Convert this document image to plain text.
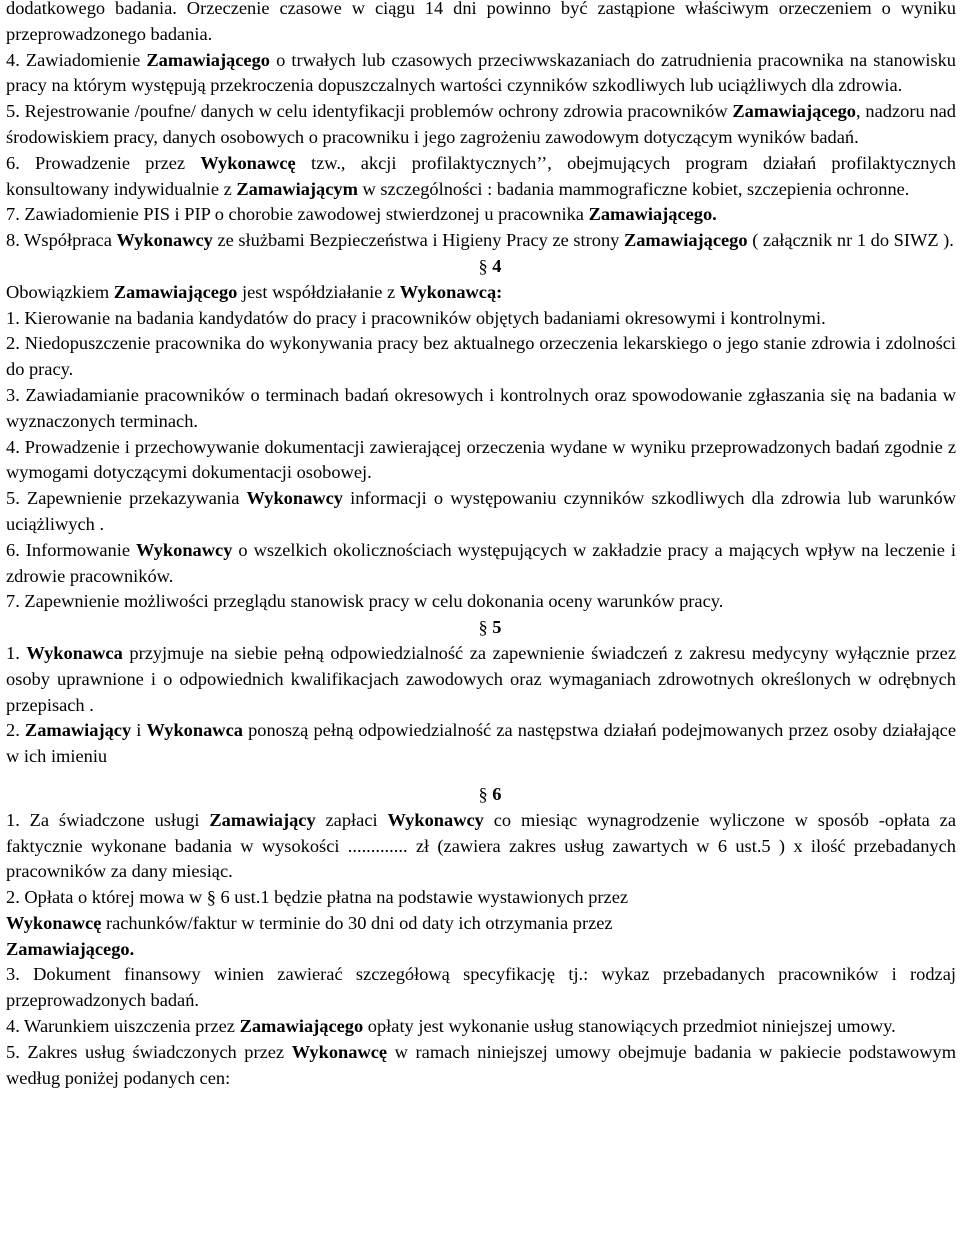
dodatkowego badania. Orzeczenie czasowe w ciągu 14 dni powinno być zastąpione właściwym orzeczeniem o wyniku przeprowadzonego badania.

4. Zawiadomienie Zamawiającego o trwałych lub czasowych przeciwwskazaniach do zatrudnienia pracownika na stanowisku pracy na którym występują przekroczenia dopuszczalnych wartości czynników szkodliwych lub uciążliwych dla zdrowia.

5. Rejestrowanie /poufne/ danych w celu identyfikacji problemów ochrony zdrowia pracowników Zamawiającego, nadzoru nad środowiskiem pracy, danych osobowych o pracowniku i jego zagrożeniu zawodowym dotyczącym wyników badań.

6. Prowadzenie przez Wykonawcę tzw., akcji profilaktycznych’’, obejmujących program działań profilaktycznych konsultowany indywidualnie z Zamawiającym w szczególności : badania mammograficzne kobiet, szczepienia ochronne.

7. Zawiadomienie PIS i PIP o chorobie zawodowej stwierdzonej u pracownika Zamawiającego.

8. Współpraca Wykonawcy ze służbami Bezpieczeństwa i Higieny Pracy ze strony Zamawiającego ( załącznik nr 1 do SIWZ ).

§ 4

Obowiązkiem Zamawiającego jest współdziałanie z Wykonawcą:

1. Kierowanie na badania kandydatów do pracy i pracowników objętych badaniami okresowymi i kontrolnymi.

2. Niedopuszczenie pracownika do wykonywania pracy bez aktualnego orzeczenia lekarskiego o jego stanie zdrowia i zdolności do pracy.

3. Zawiadamianie pracowników o terminach badań okresowych i kontrolnych oraz spowodowanie zgłaszania się na badania w wyznaczonych terminach.

4. Prowadzenie i przechowywanie dokumentacji zawierającej orzeczenia wydane w wyniku przeprowadzonych badań zgodnie z wymogami dotyczącymi dokumentacji osobowej.

5. Zapewnienie przekazywania Wykonawcy informacji o występowaniu czynników szkodliwych dla zdrowia lub warunków uciążliwych .

6. Informowanie Wykonawcy o wszelkich okolicznościach występujących w zakładzie pracy a mających wpływ na leczenie i zdrowie pracowników.

7. Zapewnienie możliwości przeglądu stanowisk pracy w celu dokonania oceny warunków pracy.

§ 5

1. Wykonawca przyjmuje na siebie pełną odpowiedzialność za zapewnienie świadczeń z zakresu medycyny wyłącznie przez osoby uprawnione i o odpowiednich kwalifikacjach zawodowych oraz wymaganiach zdrowotnych określonych w odrębnych przepisach .

2. Zamawiający i Wykonawca ponoszą pełną odpowiedzialność za następstwa działań podejmowanych przez osoby działające w ich imieniu

§ 6

1. Za świadczone usługi Zamawiający zapłaci Wykonawcy co miesiąc wynagrodzenie wyliczone w sposób -opłata za faktycznie wykonane badania w wysokości ............. zł (zawiera zakres usług zawartych w 6 ust.5 ) x ilość przebadanych pracowników za dany miesiąc.

2. Opłata o której mowa w § 6 ust.1 będzie płatna na podstawie wystawionych przez
Wykonawcę rachunków/faktur w terminie do 30 dni od daty ich otrzymania przez
Zamawiającego.

3. Dokument finansowy winien zawierać szczegółową specyfikację tj.: wykaz przebadanych pracowników i rodzaj przeprowadzonych badań.

4. Warunkiem uiszczenia przez Zamawiającego opłaty jest wykonanie usług stanowiących przedmiot niniejszej umowy.

5. Zakres usług świadczonych przez Wykonawcę w ramach niniejszej umowy obejmuje badania w pakiecie podstawowym według poniżej podanych cen:
